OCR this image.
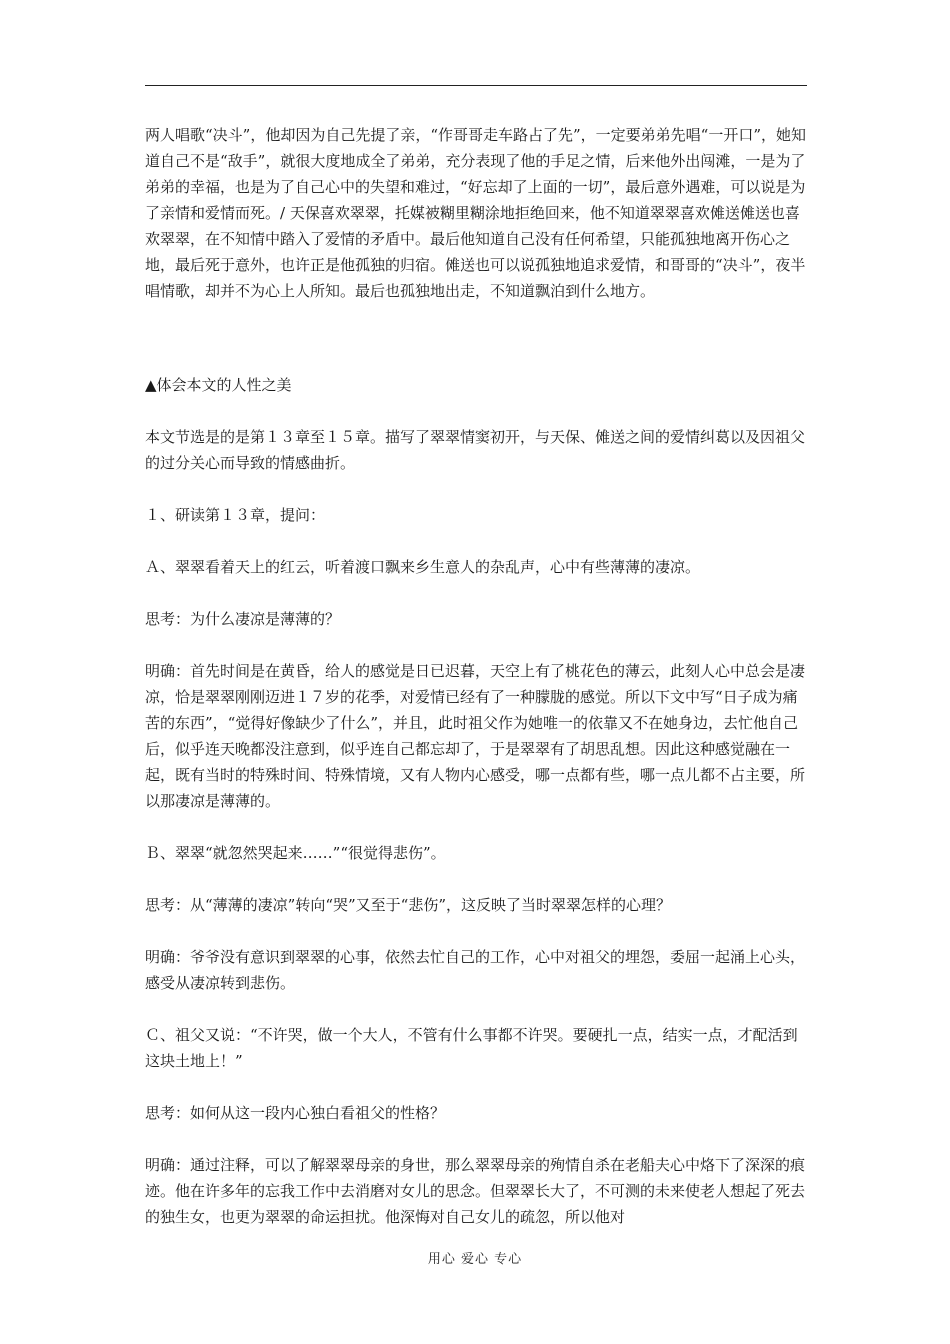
两人唱歌“决斗”，他却因为自己先提了亲，“作哥哥走车路占了先”，一定要弟弟先唱“一开口”，她知道自己不是“敌手”，就很大度地成全了弟弟，充分表现了他的手足之情，后来他外出闯滩，一是为了弟弟的幸福，也是为了自己心中的失望和难过，“好忘却了上面的一切”，最后意外遇难，可以说是为了亲情和爱情而死。/ 天保喜欢翠翠，托媒被糊里糊涂地拒绝回来，他不知道翠翠喜欢傩送傩送也喜欢翠翠，在不知情中踏入了爱情的矛盾中。最后他知道自己没有任何希望，只能孤独地离开伤心之地，最后死于意外，也许正是他孤独的归宿。傩送也可以说孤独地追求爱情，和哥哥的“决斗”，夜半唱情歌，却并不为心上人所知。最后也孤独地出走，不知道飘泊到什么地方。

▲体会本文的人性之美

本文节选是的是第１３章至１５章。描写了翠翠情窦初开，与天保、傩送之间的爱情纠葛以及因祖父的过分关心而导致的情感曲折。

１、研读第１３章，提问：

Ａ、翠翠看着天上的红云，听着渡口飘来乡生意人的杂乱声，心中有些薄薄的凄凉。

思考：为什么凄凉是薄薄的？

明确：首先时间是在黄昏，给人的感觉是日已迟暮，天空上有了桃花色的薄云，此刻人心中总会是凄凉，恰是翠翠刚刚迈进１７岁的花季，对爱情已经有了一种朦胧的感觉。所以下文中写“日子成为痛苦的东西”，“觉得好像缺少了什么”，并且，此时祖父作为她唯一的依靠又不在她身边，去忙他自己后，似乎连天晚都没注意到，似乎连自己都忘却了，于是翠翠有了胡思乱想。因此这种感觉融在一起，既有当时的特殊时间、特殊情境，又有人物内心感受，哪一点都有些，哪一点儿都不占主要，所以那凄凉是薄薄的。

Ｂ、翠翠“就忽然哭起来……”“很觉得悲伤”。

思考：从“薄薄的凄凉”转向“哭”又至于“悲伤”，这反映了当时翠翠怎样的心理？

明确：爷爷没有意识到翠翠的心事，依然去忙自己的工作，心中对祖父的埋怨，委屈一起涌上心头，感受从凄凉转到悲伤。

Ｃ、祖父又说：“不许哭，做一个大人，不管有什么事都不许哭。要硬扎一点，结实一点，才配活到这块土地上！”

思考：如何从这一段内心独白看祖父的性格？

明确：通过注释，可以了解翠翠母亲的身世，那么翠翠母亲的殉情自杀在老船夫心中烙下了深深的痕迹。他在许多年的忘我工作中去消磨对女儿的思念。但翠翠长大了，不可测的未来使老人想起了死去的独生女，也更为翠翠的命运担扰。他深悔对自己女儿的疏忽，所以他对

用心 爱心 专心
